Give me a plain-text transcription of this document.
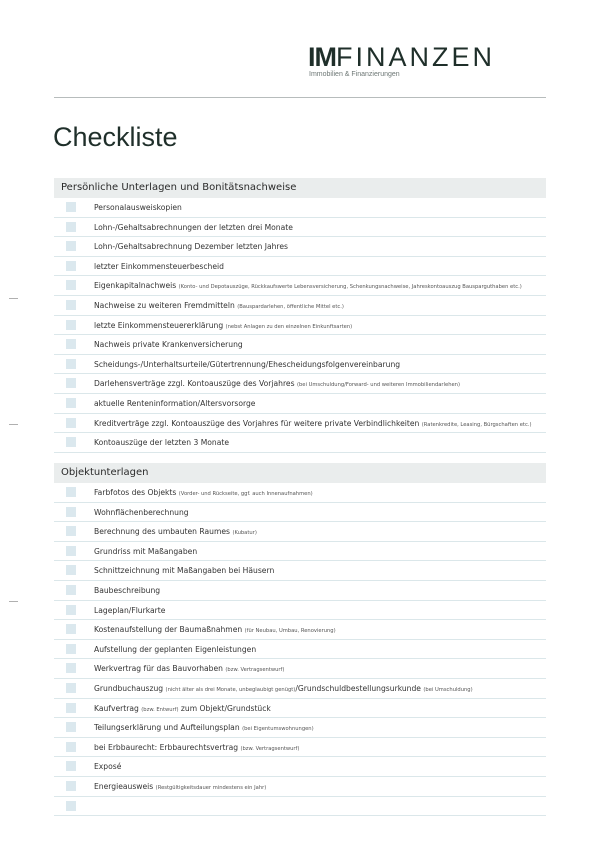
IMFINANZEN
Immobilien & Finanzierungen
Checkliste
Persönliche Unterlagen und Bonitätsnachweise
Personalausweiskopien
Lohn-/Gehaltsabrechnungen der letzten drei Monate
Lohn-/Gehaltsabrechnung Dezember letzten Jahres
letzter Einkommensteuerbescheid
Eigenkapitalnachweis (Konto- und Depotauszüge, Rückkaufswerte Lebensversicherung, Schenkungsnachweise, Jahreskontoauszug Bausparguthaben etc.)
Nachweise zu weiteren Fremdmitteln (Bauspardarlehen, öffentliche Mittel etc.)
letzte Einkommensteuererklärung (nebst Anlagen zu den einzelnen Einkunftsarten)
Nachweis private Krankenversicherung
Scheidungs-/Unterhaltsurteile/Gütertrennung/Ehescheidungsfolgenvereinbarung
Darlehensverträge zzgl. Kontoauszüge des Vorjahres (bei Umschuldung/Forward- und weiteren Immobiliendarlehen)
aktuelle Renteninformation/Altersvorsorge
Kreditverträge zzgl. Kontoauszüge des Vorjahres für weitere private Verbindlichkeiten (Ratenkredite, Leasing, Bürgschaften etc.)
Kontoauszüge der letzten 3 Monate
Objektunterlagen
Farbfotos des Objekts (Vorder- und Rückseite, ggf. auch Innenaufnahmen)
Wohnflächenberechnung
Berechnung des umbauten Raumes (Kubatur)
Grundriss mit Maßangaben
Schnittzeichnung mit Maßangaben bei Häusern
Baubeschreibung
Lageplan/Flurkarte
Kostenaufstellung der Baumaßnahmen (für Neubau, Umbau, Renovierung)
Aufstellung der geplanten Eigenleistungen
Werkvertrag für das Bauvorhaben (bzw. Vertragsentwurf)
Grundbuchauszug (nicht älter als drei Monate, unbeglaubigt genügt)/Grundschuldbestellungsurkunde (bei Umschuldung)
Kaufvertrag (bzw. Entwurf) zum Objekt/Grundstück
Teilungserklärung und Aufteilungsplan (bei Eigentumswohnungen)
bei Erbbaurecht: Erbbaurechtsvertrag (bzw. Vertragsentwurf)
Exposé
Energieausweis (Restgültigkeitsdauer mindestens ein Jahr)
